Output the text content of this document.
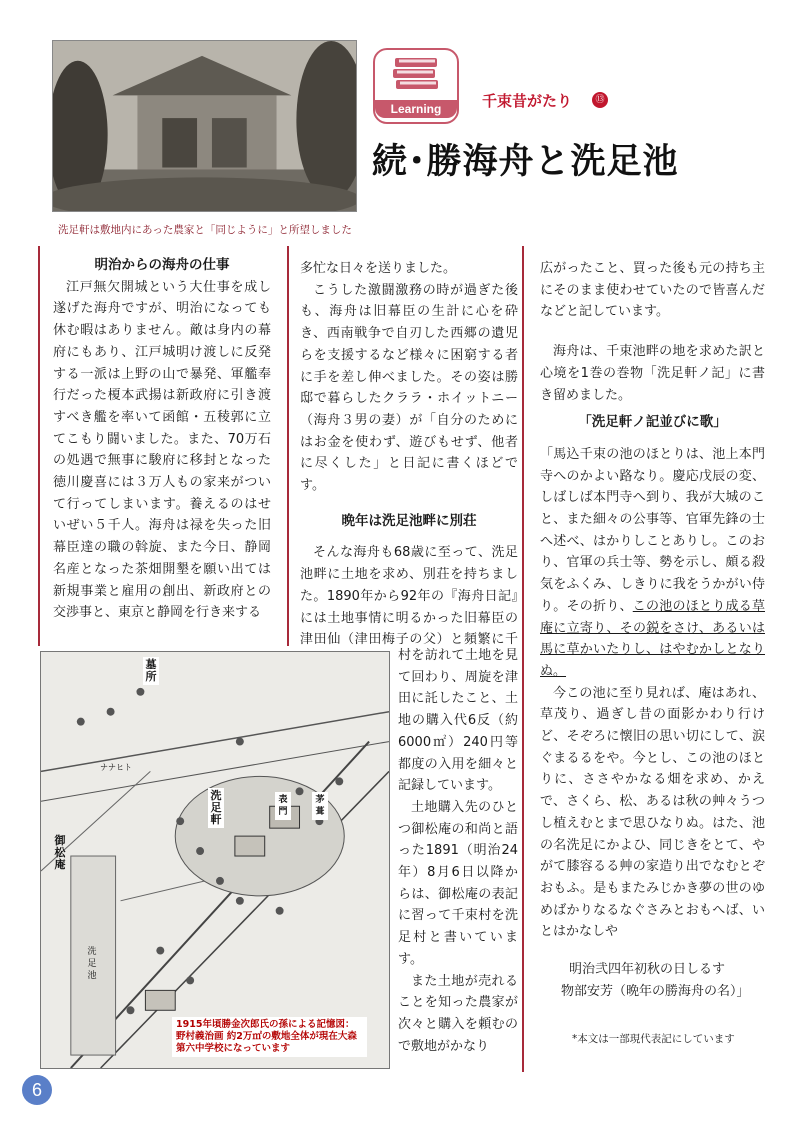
洗足軒は敷地内にあった農家と「同じように」と所望しました
Learning	千束昔がたり	⑬
続･勝海舟と洗足池

明治からの海舟の仕事

江戸無欠開城という大仕事を成し遂げた海舟ですが、明治になっても休む暇はありません。敵は身内の幕府にもあり、江戸城明け渡しに反発する一派は上野の山で暴発、軍艦奉行だった榎本武揚は新政府に引き渡すべき艦を率いて函館・五稜郭に立てこもり闘いました。また、70万石の処遇で無事に駿府に移封となった徳川慶喜には３万人もの家来がついて行ってしまいます。養えるのはせいぜい５千人。海舟は禄を失った旧幕臣達の職の斡旋、また今日、静岡名産となった茶畑開墾を願い出ては新規事業と雇用の創出、新政府との交渉事と、東京と静岡を行き来する

多忙な日々を送りました。

こうした激闘激務の時が過ぎた後も、海舟は旧幕臣の生計に心を砕き、西南戦争で自刃した西郷の遺児らを支援するなど様々に困窮する者に手を差し伸べました。その姿は勝邸で暮らしたクララ・ホイットニー（海舟３男の妻）が「自分のためにはお金を使わず、遊びもせず、他者に尽くした」と日記に書くほどです。

晩年は洗足池畔に別荘

そんな海舟も68歳に至って、洗足池畔に土地を求め、別荘を持ちました。1890年から92年の『海舟日記』には土地事情に明るかった旧幕臣の津田仙（津田梅子の父）と頻繁に千

村を訪れて土地を見て回わり、周旋を津田に託したこと、土地の購入代6反（約6000㎡）240円等都度の入用を細々と記録しています。

土地購入先のひとつ御松庵の和尚と語った1891（明治24年）8月6日以降からは、御松庵の表記に習って千束村を洗足村と書いています。

また土地が売れることを知った農家が次々と購入を頼むので敷地がかなり

広がったこと、買った後も元の持ち主にそのまま使わせていたので皆喜んだなどと記しています。

海舟は、千束池畔の地を求めた訳と心境を1巻の巻物「洗足軒ノ記」に書き留めました。

「洗足軒ノ記並びに歌」

「馬込千束の池のほとりは、池上本門寺へのかよい路なり。慶応戊辰の変、しばしば本門寺へ到り、我が大城のこと、また細々の公事等、官軍先鋒の士へ述べ、はかりしことありし。このおり、官軍の兵士等、勢を示し、頗る殺気をふくみ、しきりに我をうかがい侍り。その折り、この池のほとり成る草庵に立寄り、その鋭をさけ、あるいは馬に草かいたりし、はやむかしとなりぬ。

今この池に至り見れば、庵はあれ、草茂り、過ぎし昔の面影かわり行けど、そぞろに懐旧の思い切にして、涙ぐまるるをや。今とし、この池のほとりに、ささやかなる畑を求め、かえで、さくら、松、あるは秋の艸々うつし植えむとまで思ひなりぬ。はた、池の名洗足にかよひ、同じきをとて、やがて膝容るる艸の家造り出でなむとぞおもふ。是もまたみじかき夢の世のゆめばかりなるなぐさみとおもへば、いとはかなしや

明治弐四年初秋の日しるす

物部安芳（晩年の勝海舟の名）」

*本文は一部現代表記にしています
墓所
洗足軒
表門
茅葺
御松庵
洗足池
ナナヒト
1915年頃勝金次郎氏の孫による記憶図：野村義治画 約2万㎡の敷地全体が現在大森第六中学校になっています
6
